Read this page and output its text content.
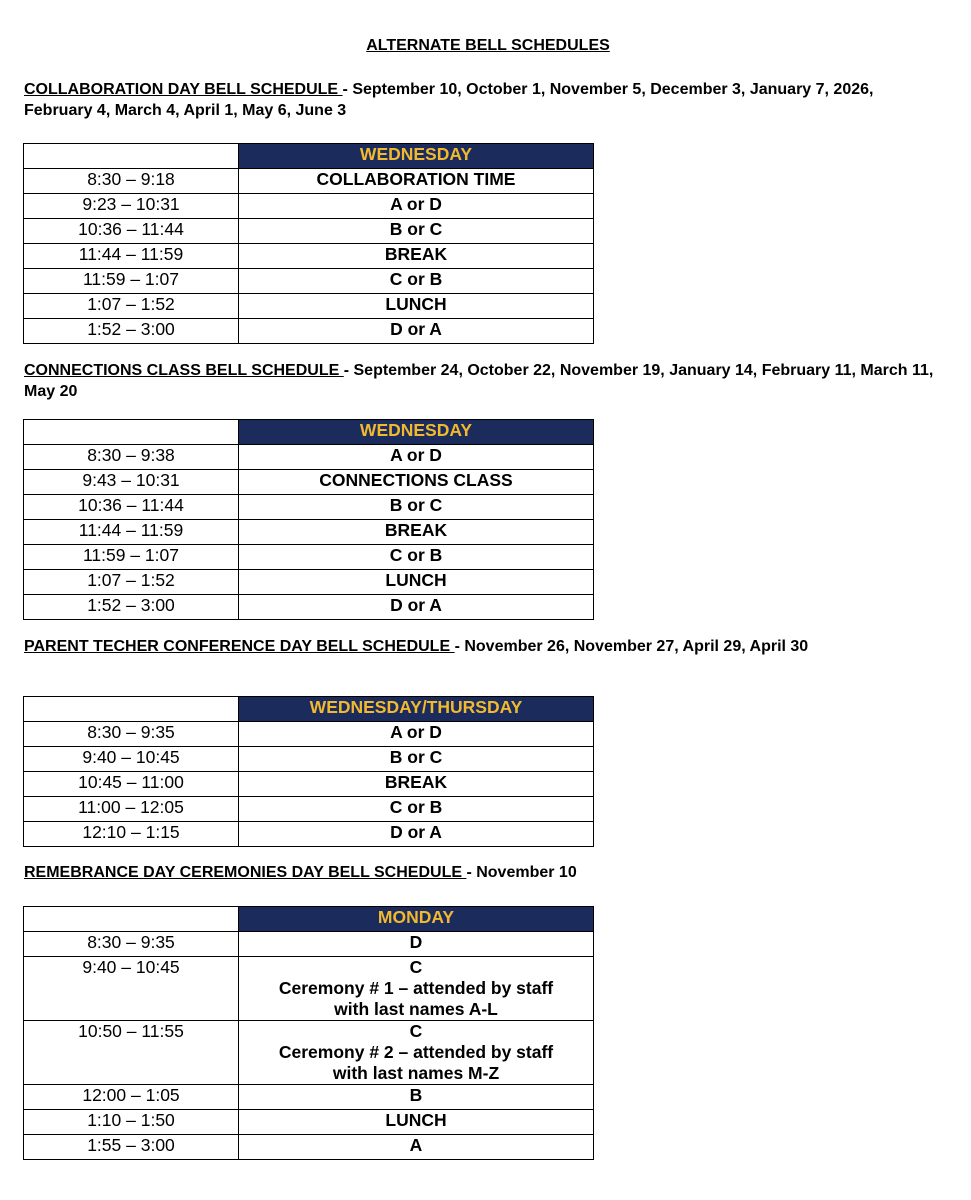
ALTERNATE BELL SCHEDULES
COLLABORATION DAY BELL SCHEDULE - September 10, October 1, November 5, December 3, January 7, 2026, February 4, March 4, April 1, May 6, June 3
	WEDNESDAY
8:30 – 9:18	COLLABORATION TIME
9:23 – 10:31	A or D
10:36 – 11:44	B or C
11:44 – 11:59	BREAK
11:59 – 1:07	C or B
1:07 – 1:52	LUNCH
1:52 – 3:00	D or A
CONNECTIONS CLASS BELL SCHEDULE - September 24, October 22, November 19, January 14, February 11, March 11, May 20
	WEDNESDAY
8:30 – 9:38	A or D
9:43 – 10:31	CONNECTIONS CLASS
10:36 – 11:44	B or C
11:44 – 11:59	BREAK
11:59 – 1:07	C or B
1:07 – 1:52	LUNCH
1:52 – 3:00	D or A
PARENT TECHER CONFERENCE DAY BELL SCHEDULE - November 26, November 27, April 29, April 30
	WEDNESDAY/THURSDAY
8:30 – 9:35	A or D
9:40 – 10:45	B or C
10:45 – 11:00	BREAK
11:00 – 12:05	C or B
12:10 – 1:15	D or A
REMEBRANCE DAY CEREMONIES DAY BELL SCHEDULE - November 10
	MONDAY
8:30 – 9:35	D
9:40 – 10:45	C
Ceremony # 1 – attended by staff
with last names A-L

10:50 – 11:55	C
Ceremony # 2 – attended by staff
with last names M-Z

12:00 – 1:05	B
1:10 – 1:50	LUNCH
1:55 – 3:00	A
